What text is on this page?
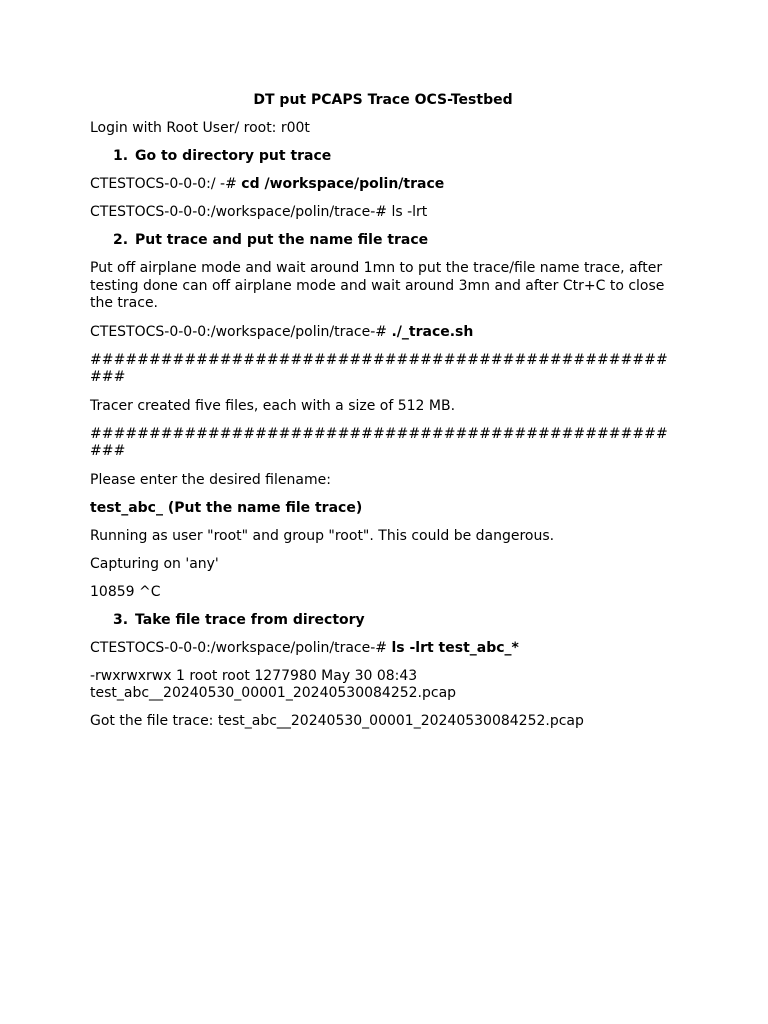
DT put PCAPS Trace OCS-Testbed
Login with Root User/ root: r00t
1. Go to directory put trace
CTESTOCS-0-0-0:/ -# cd /workspace/polin/trace
CTESTOCS-0-0-0:/workspace/polin/trace-# ls -lrt
2. Put trace and put the name file trace
Put off airplane mode and wait around 1mn to put the trace/file name trace, after testing done can off airplane mode and wait around 3mn and after Ctr+C to close the trace.
CTESTOCS-0-0-0:/workspace/polin/trace-# ./_trace.sh
####################################################
Tracer created five files, each with a size of 512 MB.
####################################################
Please enter the desired filename:
test_abc_ (Put the name file trace)
Running as user "root" and group "root". This could be dangerous.
Capturing on 'any'
10859 ^C
3. Take file trace from directory
CTESTOCS-0-0-0:/workspace/polin/trace-# ls -lrt test_abc_*
-rwxrwxrwx 1 root root 1277980 May 30 08:43
test_abc__20240530_00001_20240530084252.pcap
Got the file trace: test_abc__20240530_00001_20240530084252.pcap
